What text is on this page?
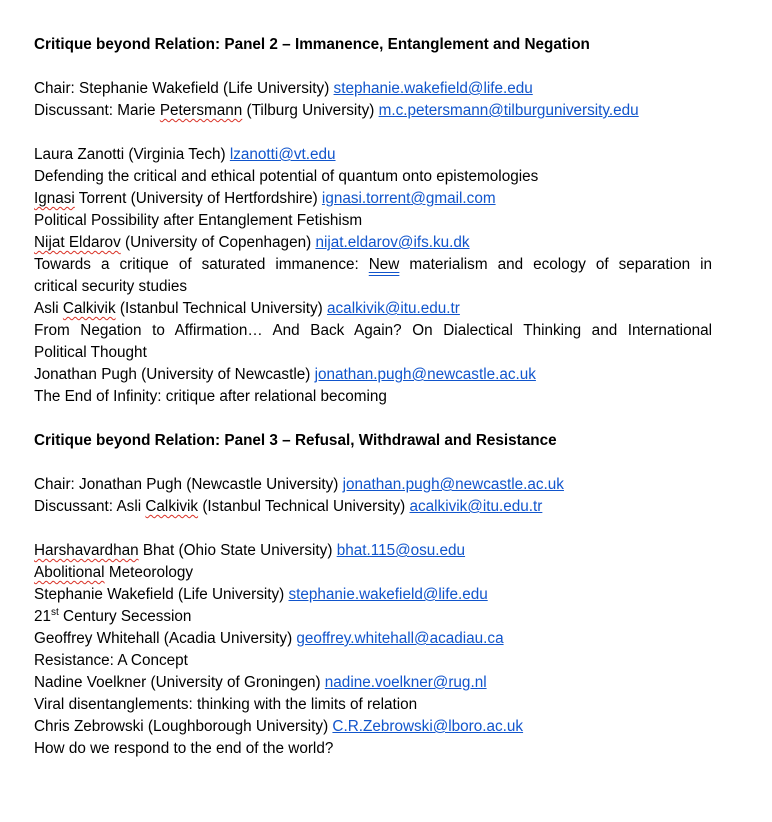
Critique beyond Relation: Panel 2 – Immanence, Entanglement and Negation
Chair: Stephanie Wakefield (Life University) stephanie.wakefield@life.edu
Discussant: Marie Petersmann (Tilburg University) m.c.petersmann@tilburguniversity.edu
Laura Zanotti (Virginia Tech) lzanotti@vt.edu
Defending the critical and ethical potential of quantum onto epistemologies
Ignasi Torrent (University of Hertfordshire) ignasi.torrent@gmail.com
Political Possibility after Entanglement Fetishism
Nijat Eldarov (University of Copenhagen) nijat.eldarov@ifs.ku.dk
Towards a critique of saturated immanence: New materialism and ecology of separation in
critical security studies
Asli Calkivik (Istanbul Technical University) acalkivik@itu.edu.tr
From Negation to Affirmation… And Back Again? On Dialectical Thinking and International
Political Thought
Jonathan Pugh (University of Newcastle) jonathan.pugh@newcastle.ac.uk
The End of Infinity: critique after relational becoming
Critique beyond Relation: Panel 3 – Refusal, Withdrawal and Resistance
Chair: Jonathan Pugh (Newcastle University) jonathan.pugh@newcastle.ac.uk
Discussant: Asli Calkivik (Istanbul Technical University) acalkivik@itu.edu.tr
Harshavardhan Bhat (Ohio State University) bhat.115@osu.edu
Abolitional Meteorology
Stephanie Wakefield (Life University) stephanie.wakefield@life.edu
21st Century Secession
Geoffrey Whitehall (Acadia University) geoffrey.whitehall@acadiau.ca
Resistance: A Concept
Nadine Voelkner (University of Groningen) nadine.voelkner@rug.nl
Viral disentanglements: thinking with the limits of relation
Chris Zebrowski (Loughborough University) C.R.Zebrowski@lboro.ac.uk
How do we respond to the end of the world?
